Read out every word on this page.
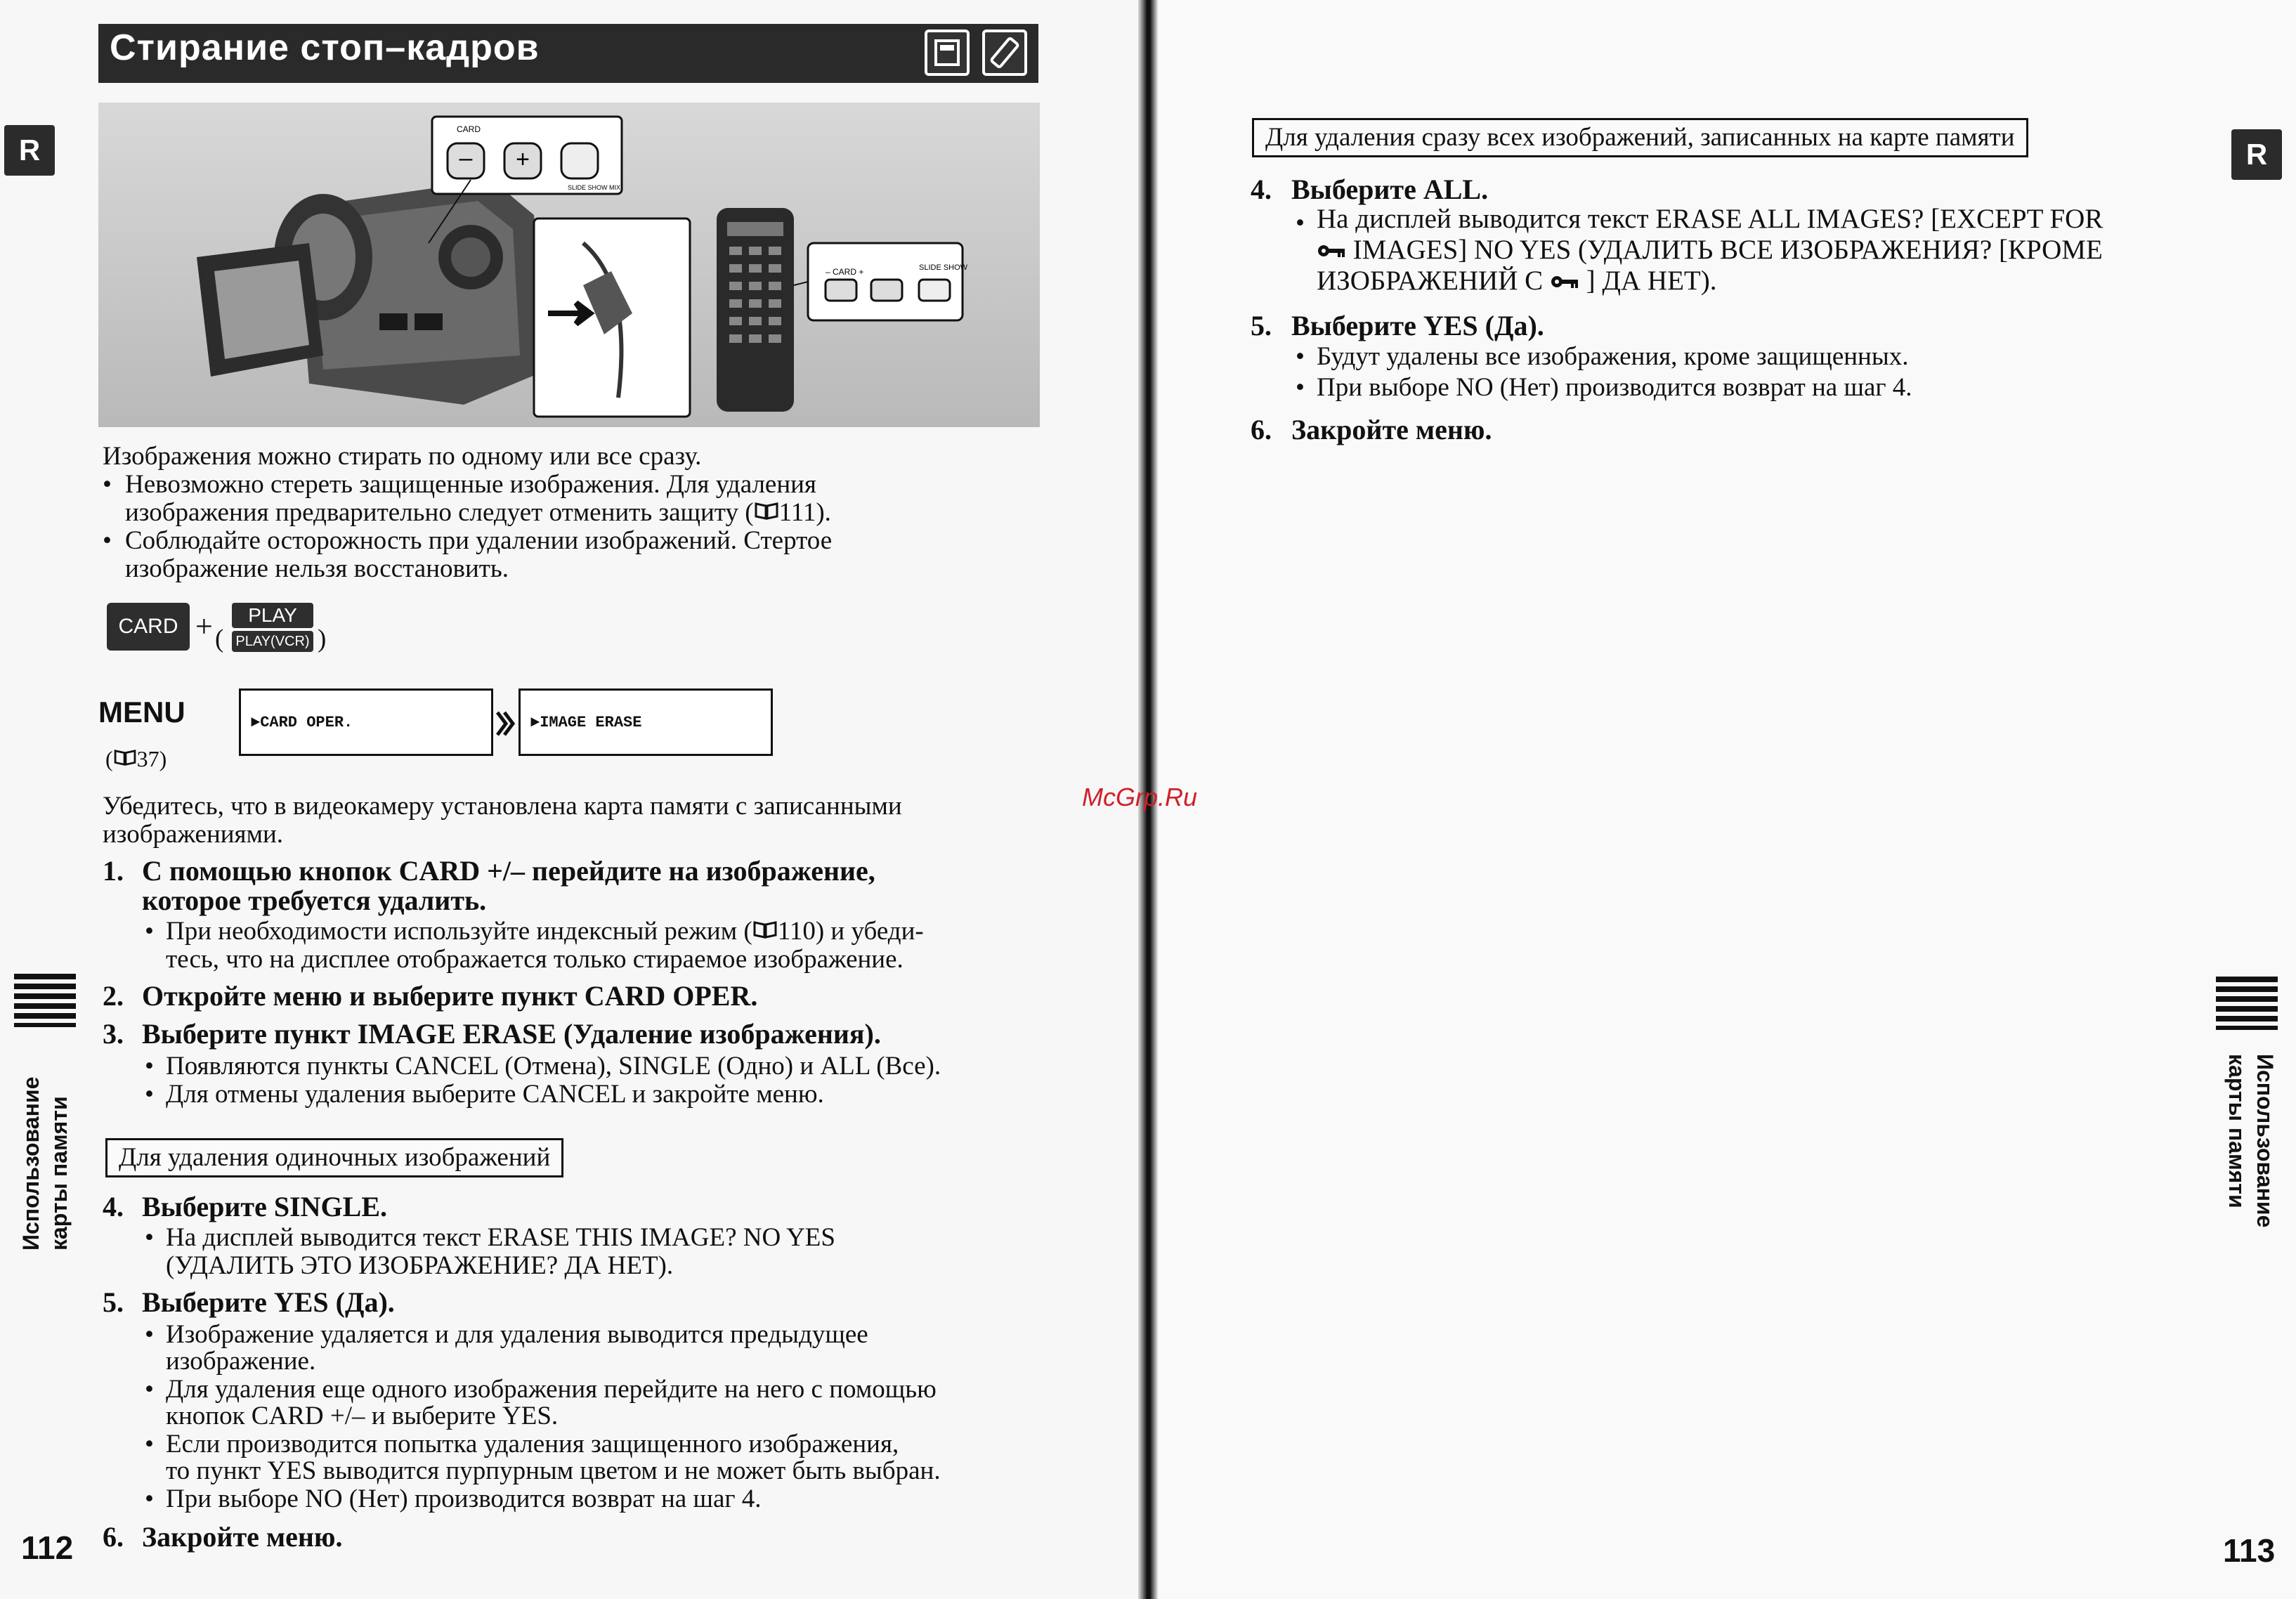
Стирание стоп–кадров
R
Использование карты памяти
112
– +
CARD
SLIDE SHOW MIX
– CARD +	SLIDE SHOW
Изображения можно стирать по одному или все сразу.
• Невозможно стереть защищенные изображения. Для удаления
изображения предварительно следует отменить защиту ( 111).
• Соблюдайте осторожность при удалении изображений. Стертое
изображение нельзя восстановить.
CARD + (
PLAY
PLAY(VCR) )
MENU
( 37)
►CARD OPER.	►IMAGE ERASE
Убедитесь, что в видеокамеру установлена карта памяти с записанными
изображениями.
1. С помощью кнопок CARD +/– перейдите на изображение,
которое требуется удалить.
• При необходимости используйте индексный режим ( 110) и убеди-
тесь, что на дисплее отображается только стираемое изображение.
2. Откройте меню и выберите пункт CARD OPER.
3. Выберите пункт IMAGE ERASE (Удаление изображения).
• Появляются пункты CANCEL (Отмена), SINGLE (Одно) и ALL (Все).
• Для отмены удаления выберите CANCEL и закройте меню.
Для удаления одиночных изображений
4. Выберите SINGLE.
• На дисплей выводится текст ERASE THIS IMAGE? NO YES
(УДАЛИТЬ ЭТО ИЗОБРАЖЕНИЕ? ДА НЕТ).
5. Выберите YES (Да).
• Изображение удаляется и для удаления выводится предыдущее
изображение.
• Для удаления еще одного изображения перейдите на него с помощью
кнопок CARD +/– и выберите YES.
• Если производится попытка удаления защищенного изображения,
то пункт YES выводится пурпурным цветом и не может быть выбран.
• При выборе NO (Нет) производится возврат на шаг 4.
6. Закройте меню.
Для удаления сразу всех изображений, записанных на карте памяти
4. Выберите ALL.
• На дисплей выводится текст ERASE ALL IMAGES? [EXCEPT FOR
IMAGES] NO YES (УДАЛИТЬ ВСЕ ИЗОБРАЖЕНИЯ? [КРОМЕ
ИЗОБРАЖЕНИЙ С ] ДА НЕТ).
5. Выберите YES (Да).
• Будут удалены все изображения, кроме защищенных.
• При выборе NO (Нет) производится возврат на шаг 4.
6. Закройте меню.
R
Использование
карты памяти
113
McGrp.Ru
